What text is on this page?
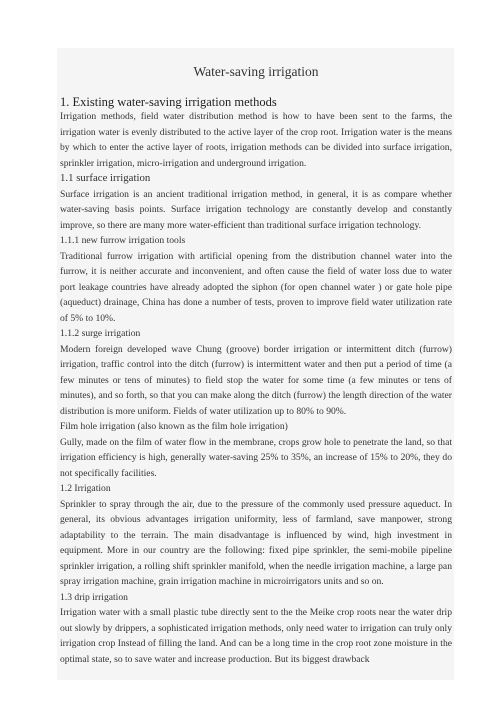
Water-saving irrigation
1. Existing water-saving irrigation methods

Irrigation methods, field water distribution method is how to have been sent to the farms, the irrigation water is evenly distributed to the active layer of the crop root. Irrigation water is the means by which to enter the active layer of roots, irrigation methods can be divided into surface irrigation, sprinkler irrigation, micro-irrigation and underground irrigation.

1.1 surface irrigation

Surface irrigation is an ancient traditional irrigation method, in general, it is as compare whether water-saving basis points. Surface irrigation technology are constantly develop and constantly improve, so there are many more water-efficient than traditional surface irrigation technology.

1.1.1 new furrow irrigation tools

Traditional furrow irrigation with artificial opening from the distribution channel water into the furrow, it is neither accurate and inconvenient, and often cause the field of water loss due to water port leakage countries have already adopted the siphon (for open channel water ) or gate hole pipe (aqueduct) drainage, China has done a number of tests, proven to improve field water utilization rate of 5% to 10%.

1.1.2 surge irrigation

Modern foreign developed wave Chung (groove) border irrigation or intermittent ditch (furrow) irrigation, traffic control into the ditch (furrow) is intermittent water and then put a period of time (a few minutes or tens of minutes) to field stop the water for some time (a few minutes or tens of minutes), and so forth, so that you can make along the ditch (furrow) the length direction of the water distribution is more uniform. Fields of water utilization up to 80% to 90%.

Film hole irrigation (also known as the film hole irrigation)

Gully, made on the film of water flow in the membrane, crops grow hole to penetrate the land, so that irrigation efficiency is high, generally water-saving 25% to 35%, an increase of 15% to 20%, they do not specifically facilities.

1.2 Irrigation

Sprinkler to spray through the air, due to the pressure of the commonly used pressure aqueduct. In general, its obvious advantages irrigation uniformity, less of farmland, save manpower, strong adaptability to the terrain. The main disadvantage is influenced by wind, high investment in equipment. More in our country are the following: fixed pipe sprinkler, the semi-mobile pipeline sprinkler irrigation, a rolling shift sprinkler manifold, when the needle irrigation machine, a large pan spray irrigation machine, grain irrigation machine in microirrigators units and so on.

1.3 drip irrigation

Irrigation water with a small plastic tube directly sent to the the Meike crop roots near the water drip out slowly by drippers, a sophisticated irrigation methods, only need water to irrigation can truly only irrigation crop Instead of filling the land. And can be a long time in the crop root zone moisture in the optimal state, so to save water and increase production. But its biggest drawback
